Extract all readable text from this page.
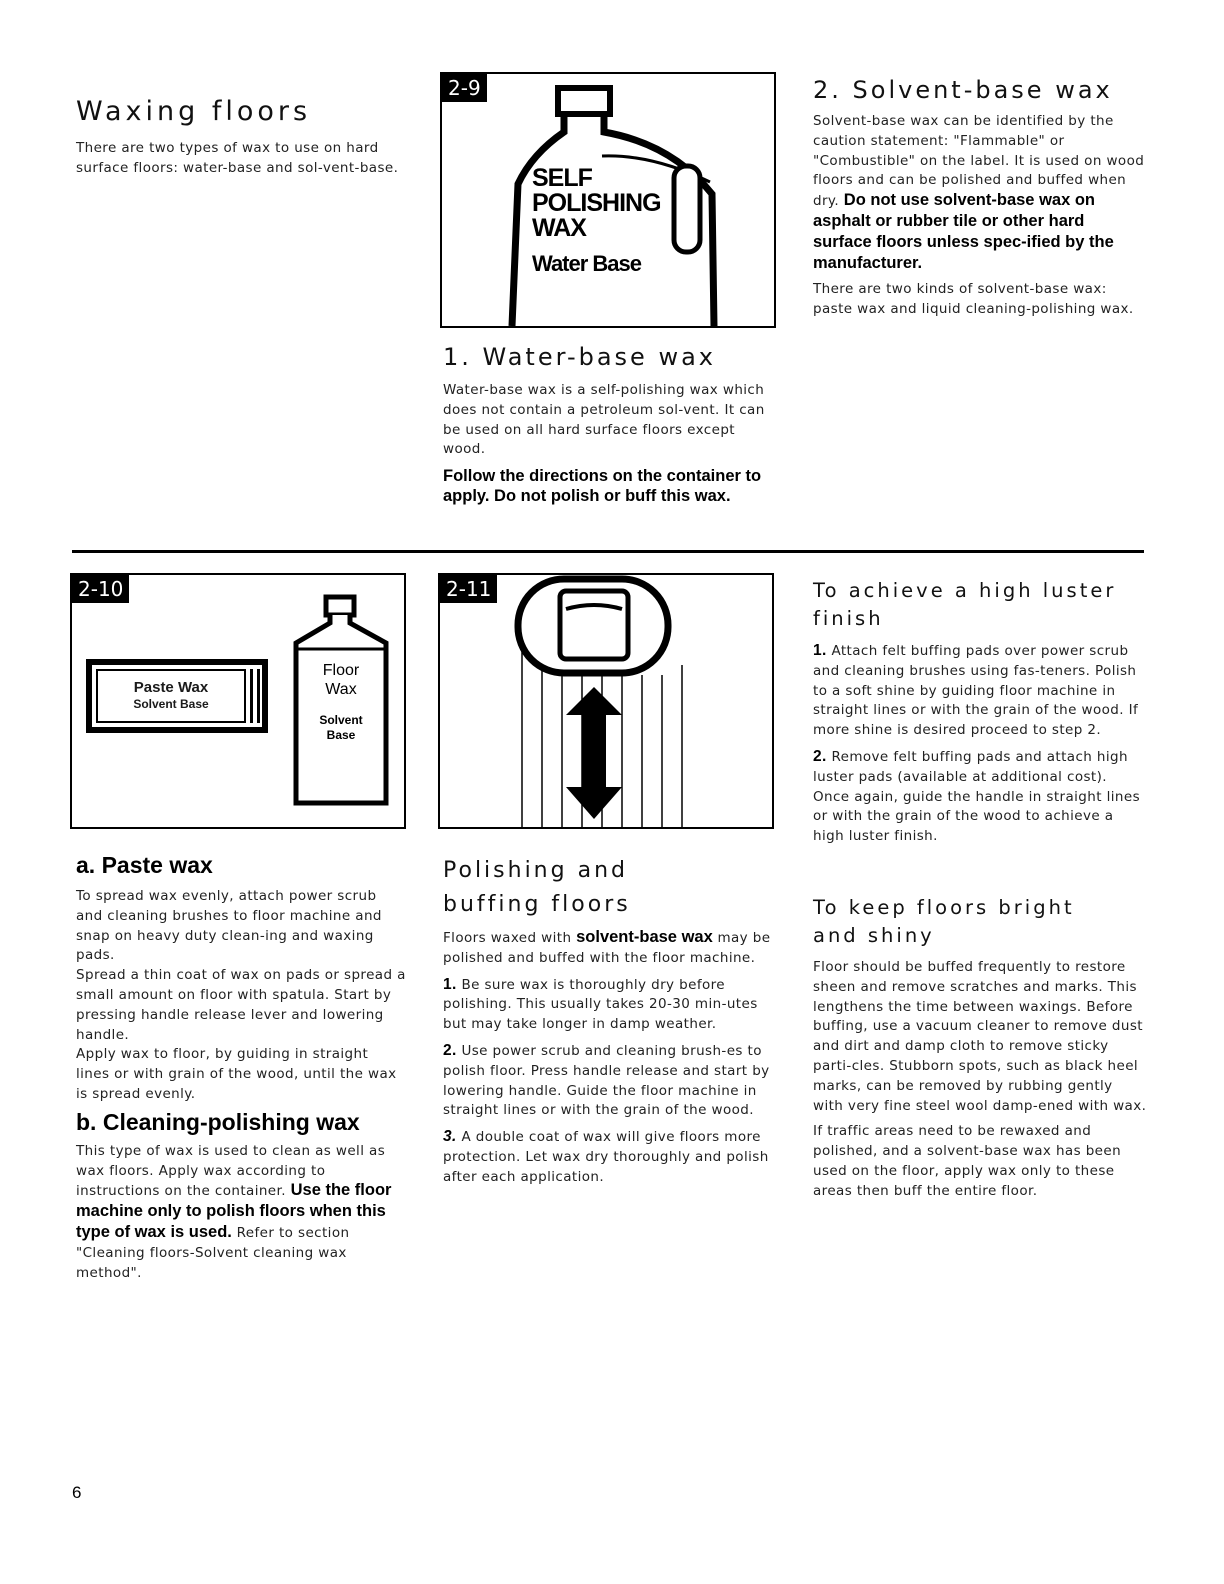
Waxing floors

There are two types of wax to use on hard surface floors: water-base and sol-vent-base.

2-9
SELF
POLISHING
WAX
Water Base
1. Water-base wax

Water-base wax is a self-polishing wax which does not contain a petroleum sol-vent. It can be used on all hard surface floors except wood.

Follow the directions on the container to apply. Do not polish or buff this wax.

2. Solvent-base wax

Solvent-base wax can be identified by the caution statement: "Flammable" or "Combustible" on the label. It is used on wood floors and can be polished and buffed when dry. Do not use solvent-base wax on asphalt or rubber tile or other hard surface floors unless spec-ified by the manufacturer.

There are two kinds of solvent-base wax: paste wax and liquid cleaning-polishing wax.

2-10
Paste Wax
Solvent Base
Floor
Wax
Solvent
Base
2-11
a. Paste wax

To spread wax evenly, attach power scrub and cleaning brushes to floor machine and snap on heavy duty clean-ing and waxing pads.

Spread a thin coat of wax on pads or spread a small amount on floor with spatula. Start by pressing handle release lever and lowering handle.

Apply wax to floor, by guiding in straight lines or with grain of the wood, until the wax is spread evenly.

b. Cleaning-polishing wax

This type of wax is used to clean as well as wax floors. Apply wax according to instructions on the container. Use the floor machine only to polish floors when this type of wax is used. Refer to section "Cleaning floors-Solvent cleaning wax method".

Polishing and
buffing floors

Floors waxed with solvent-base wax may be polished and buffed with the floor machine.

1. Be sure wax is thoroughly dry before polishing. This usually takes 20-30 min-utes but may take longer in damp weather.

2. Use power scrub and cleaning brush-es to polish floor. Press handle release and start by lowering handle. Guide the floor machine in straight lines or with the grain of the wood.

3. A double coat of wax will give floors more protection. Let wax dry thoroughly and polish after each application.

To achieve a high luster
finish

1. Attach felt buffing pads over power scrub and cleaning brushes using fas-teners. Polish to a soft shine by guiding floor machine in straight lines or with the grain of the wood. If more shine is desired proceed to step 2.

2. Remove felt buffing pads and attach high luster pads (available at additional cost). Once again, guide the handle in straight lines or with the grain of the wood to achieve a high luster finish.

To keep floors bright
and shiny

Floor should be buffed frequently to restore sheen and remove scratches and marks. This lengthens the time between waxings. Before buffing, use a vacuum cleaner to remove dust and dirt and damp cloth to remove sticky parti-cles. Stubborn spots, such as black heel marks, can be removed by rubbing gently with very fine steel wool damp-ened with wax.

If traffic areas need to be rewaxed and polished, and a solvent-base wax has been used on the floor, apply wax only to these areas then buff the entire floor.

6
